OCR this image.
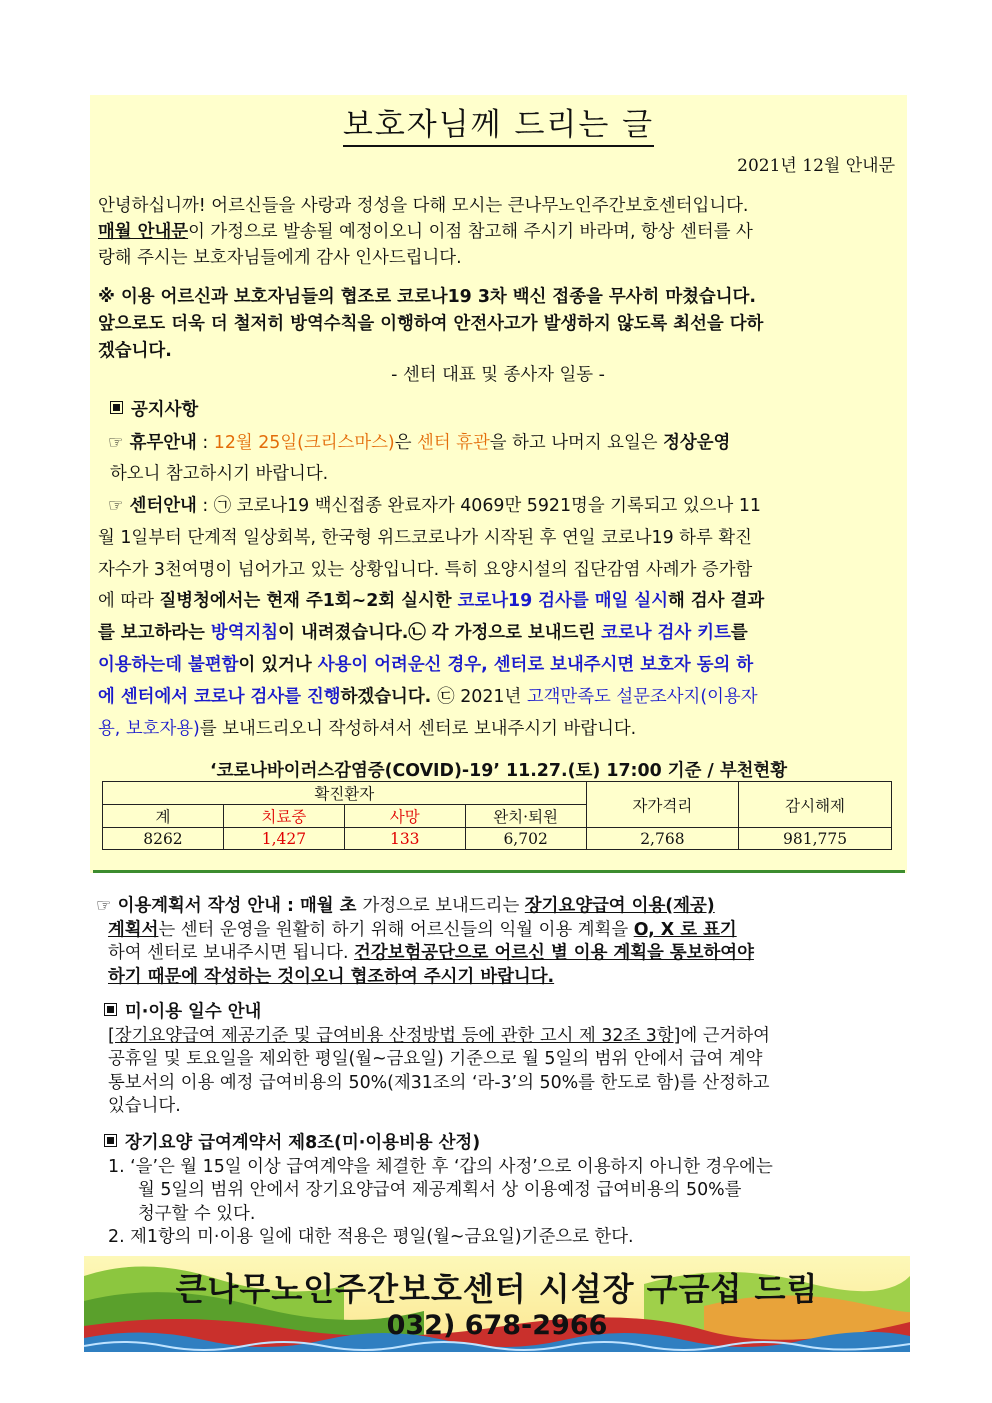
보호자님께 드리는 글
2021년 12월 안내문
안녕하십니까! 어르신들을 사랑과 정성을 다해 모시는 큰나무노인주간보호센터입니다.
매월 안내문이 가정으로 발송될 예정이오니 이점 참고해 주시기 바라며, 항상 센터를 사
랑해 주시는 보호자님들에게 감사 인사드립니다.
※ 이용 어르신과 보호자님들의 협조로 코로나19 3차 백신 접종을 무사히 마쳤습니다.
앞으로도 더욱 더 철저히 방역수칙을 이행하여 안전사고가 발생하지 않도록 최선을 다하
겠습니다.
- 센터 대표 및 종사자 일동 -
공지사항
☞ 휴무안내 : 12월 25일(크리스마스)은 센터 휴관을 하고 나머지 요일은 정상운영
하오니 참고하시기 바랍니다.
☞ 센터안내 : ㉠ 코로나19 백신접종 완료자가 4069만 5921명을 기록되고 있으나 11
월 1일부터 단계적 일상회복, 한국형 위드코로나가 시작된 후 연일 코로나19 하루 확진
자수가 3천여명이 넘어가고 있는 상황입니다. 특히 요양시설의 집단감염 사례가 증가함
에 따라 질병청에서는 현재 주1회~2회 실시한 코로나19 검사를 매일 실시해 검사 결과
를 보고하라는 방역지침이 내려졌습니다.㉡ 각 가정으로 보내드린 코로나 검사 키트를
이용하는데 불편함이 있거나 사용이 어려운신 경우, 센터로 보내주시면 보호자 동의 하
에 센터에서 코로나 검사를 진행하겠습니다. ㉢ 2021년 고객만족도 설문조사지(이용자
용, 보호자용)를 보내드리오니 작성하셔서 센터로 보내주시기 바랍니다.
‘코로나바이러스감염증(COVID)-19’ 11.27.(토) 17:00 기준 / 부천현황
확진환자				자가격리	감시해제
계	치료중	사망	완치·퇴원		
8262	1,427	133	6,702	2,768	981,775
☞ 이용계획서 작성 안내 : 매월 초 가정으로 보내드리는 장기요양급여 이용(제공)
계획서는 센터 운영을 원활히 하기 위해 어르신들의 익월 이용 계획을 O, X 로 표기
하여 센터로 보내주시면 됩니다. 건강보험공단으로 어르신 별 이용 계획을 통보하여야
하기 때문에 작성하는 것이오니 협조하여 주시기 바랍니다.
미·이용 일수 안내
[장기요양급여 제공기준 및 급여비용 산정방법 등에 관한 고시 제 32조 3항]에 근거하여
공휴일 및 토요일을 제외한 평일(월~금요일) 기준으로 월 5일의 범위 안에서 급여 계약
통보서의 이용 예정 급여비용의 50%(제31조의 ‘라-3’의 50%를 한도로 함)를 산정하고
있습니다.
장기요양 급여계약서 제8조(미·이용비용 산정)
1. ‘을’은 월 15일 이상 급여계약을 체결한 후 ‘갑의 사정’으로 이용하지 아니한 경우에는
월 5일의 범위 안에서 장기요양급여 제공계획서 상 이용예정 급여비용의 50%를
청구할 수 있다.
2. 제1항의 미·이용 일에 대한 적용은 평일(월~금요일)기준으로 한다.
큰나무노인주간보호센터 시설장 구금섭 드림
032) 678-2966
